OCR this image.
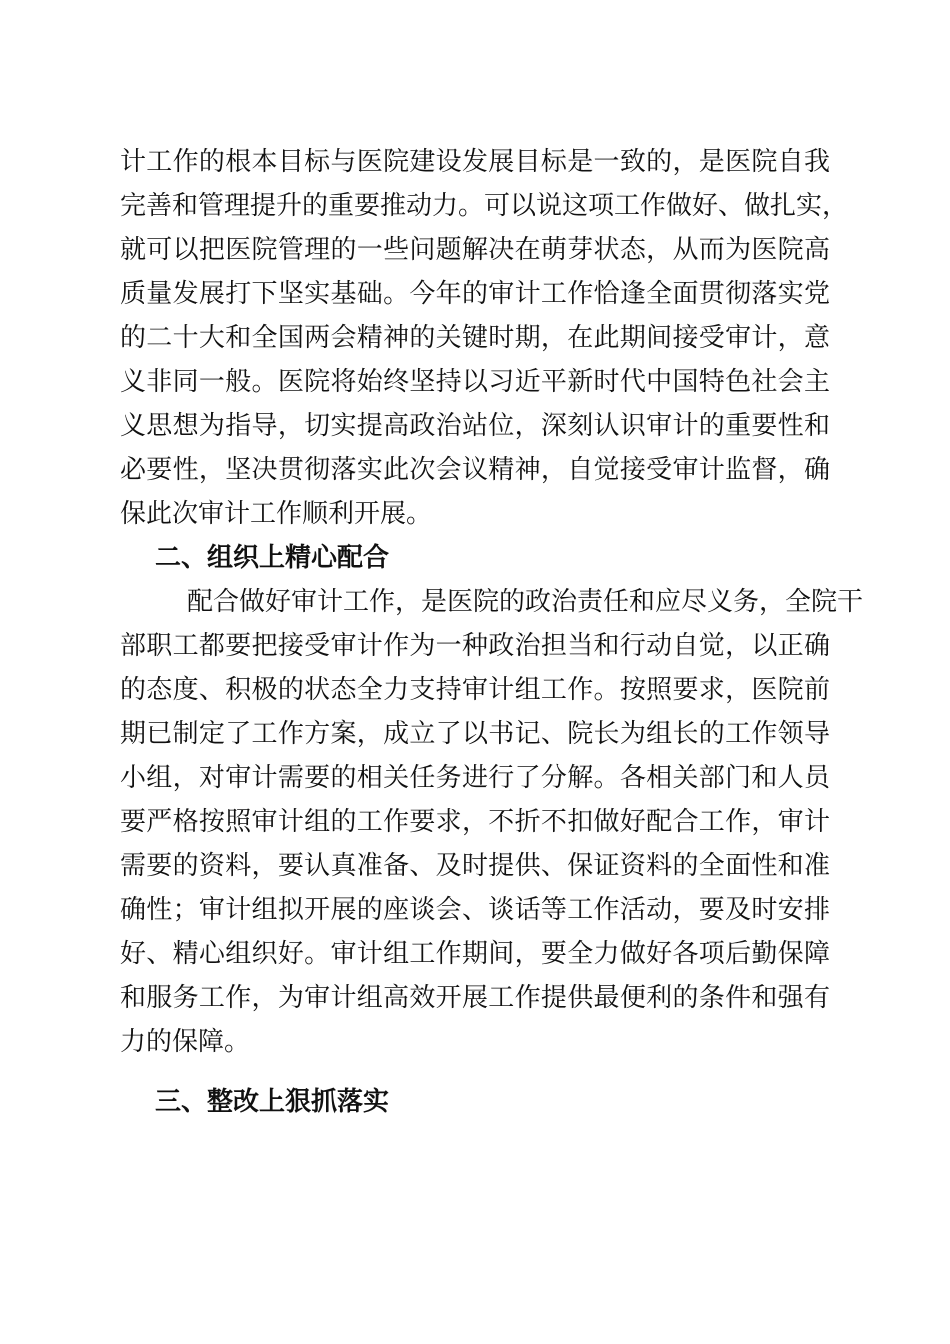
计工作的根本目标与医院建设发展目标是一致的，是医院自我
完善和管理提升的重要推动力。可以说这项工作做好、做扎实，
就可以把医院管理的一些问题解决在萌芽状态，从而为医院高
质量发展打下坚实基础。今年的审计工作恰逢全面贯彻落实党
的二十大和全国两会精神的关键时期，在此期间接受审计，意
义非同一般。医院将始终坚持以习近平新时代中国特色社会主
义思想为指导，切实提高政治站位，深刻认识审计的重要性和
必要性，坚决贯彻落实此次会议精神，自觉接受审计监督，确
保此次审计工作顺利开展。
二、组织上精心配合
配合做好审计工作，是医院的政治责任和应尽义务，全院干
部职工都要把接受审计作为一种政治担当和行动自觉，以正确
的态度、积极的状态全力支持审计组工作。按照要求，医院前
期已制定了工作方案，成立了以书记、院长为组长的工作领导
小组，对审计需要的相关任务进行了分解。各相关部门和人员
要严格按照审计组的工作要求，不折不扣做好配合工作，审计
需要的资料，要认真准备、及时提供、保证资料的全面性和准
确性；审计组拟开展的座谈会、谈话等工作活动，要及时安排
好、精心组织好。审计组工作期间，要全力做好各项后勤保障
和服务工作，为审计组高效开展工作提供最便利的条件和强有
力的保障。
三、整改上狠抓落实
